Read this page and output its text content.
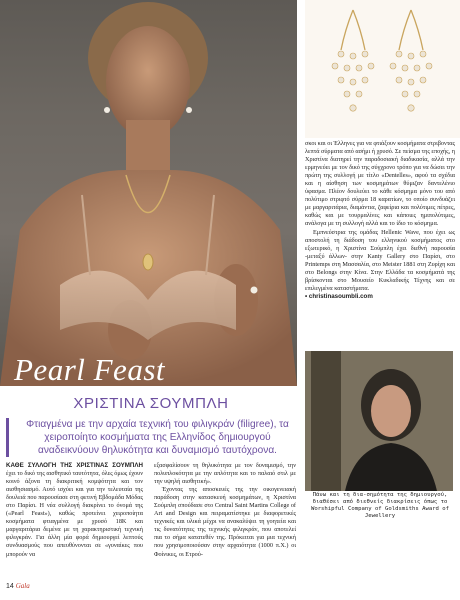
Pearl Feast

σκοι και οι Έλληνες για να φτιάξουν κοσμήματα στριβοντας λεπτά σύρματα από ασήμι ή χρυσό. Σε πείσμα της εποχής, η Χριστίνα διατηρεί την παραδοσιακή διαδικασία, αλλά την ερμηνεύει με τον δικό της σύγχρονο τρόπο για να δώσει την πρώτη της συλλογή με τίτλο «Dentelles», αφού τα σχέδια και η αίσθηση των κοσμημάτων θύμιζαν δαντελένιο ύφασμα. Πλέον δουλεύει το κάθε κόσμημα μόνο του από πολύτιμο στριφτό σύρμα 18 καρατίων, το οποίο συνδυάζει με μαργαριτάρια, διαμάντια, ζαφείρια και πολύτιμες πέτρες, καθώς και με τουρμαλίνες και κάποιες ημιπολύτιμες, ανάλογα με τη συλλογή αλλά και το ίδιο το κόσμημα.

Εμπνεύστρια της ομάδας Hellenic Wave, που έχει ως αποστολή τη διάδοση του ελληνικού κοσμήματος στο εξωτερικό, η Χριστίνα Σούμπλη έχει διεθνή παρουσία -μεταξύ άλλων- στην Kanty Gallery στο Παρίσι, στο Printemps στη Μασσαλία, στο Meister 1881 στη Ζυρίχη και στο Belongs στην Κίνα. Στην Ελλάδα τα κοσμήματά της βρίσκονται στο Μουσείο Κυκλαδικής Τέχνης και σε επιλεγμένα καταστήματα.

• christinasoumbli.com

Πάνω και τη δια-σημότητα της δημιουργού, διαθέσει από διεθνείς διακρίσεις όπως το Worshipful Company of Goldsmiths Award of Jewellery
ΧΡΙΣΤΙΝΑ ΣΟΥΜΠΛΗ
Φτιαγμένα με την αρχαία τεχνική του φιλιγκράν (filigree), τα χειροποίητο κοσμήματα της Ελληνίδος δημιουργού αναδεικνύουν θηλυκότητα και δυναμισμό ταυτόχρονα.

ΚΑΘΕ ΣΥΛΛΟΓΗ ΤΗΣ ΧΡΙΣΤΙΝΑΣ ΣΟΥΜΠΛΗ έχει το δικό της αισθητικό ταυτότητα, όλες όμως έχουν κοινό άξονα τη διακριτική κομψότητα και τον αισθησιασμό. Αυτό ισχύει και για την τελευταία της δουλειά που παρουσίασε στη φετινή Εβδομάδα Μόδας στο Παρίσι. Η νέα συλλογή διακρίνει το όνομά της («Pearl Feast»), καθώς προτείνει χειροποίητα κοσμήματα φτιαγμένα με χρυσό 18Κ και μαργαριτάρια δεμένα με τη χαρακτηριστική τεχνική φιλιγκράν. Για άλλη μία φορά δημιουργεί λεπτούς συνδυασμούς που απευθύνονται σε «γυναίκες που μπορούν να

εξασφαλίσουν τη θηλυκότητα με τον δυναμισμό, την πολυπλοκότητα με την απλότητα και το παλαιό στιλ με την υψηλή αισθητική».

Έχοντας της αποσκευές της την οικογενειακή παράδοση στην κατασκευή κοσμημάτων, η Χριστίνα Σούμπλη σπούδασε στο Central Saint Martins College of Art and Design και πειραματίστηκε με διαφορετικές τεχνικές και υλικά μέχρι να ανακαλύψει τη γοητεία και τις δυνατότητες της τεχνικής φιλιγκράν, που αποτελεί πια το σήμα κατατεθέν της. Πρόκειται για μια τεχνική που χρησιμοποιούσαν στην αρχαιότητα (1000 π.Χ.) οι Φοίνικες, οι Ετρού-

14 Gala
